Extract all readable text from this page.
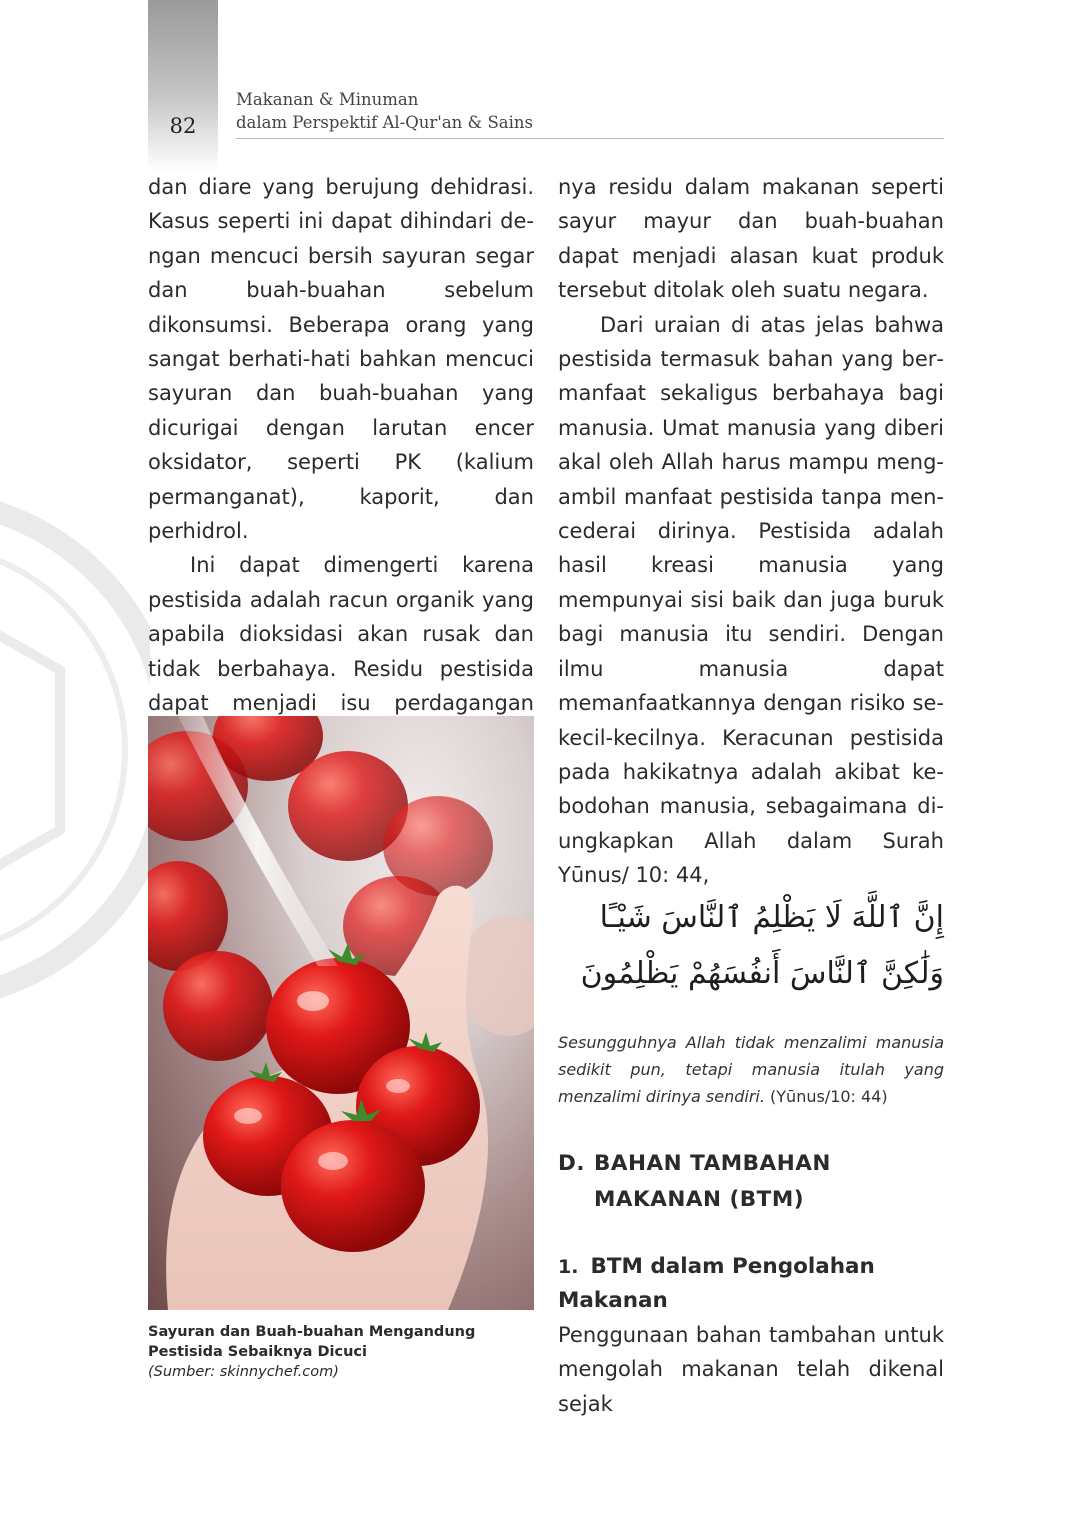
82
Makanan & Minuman
dalam Perspektif Al-Qur'an & Sains

dan diare yang berujung dehidrasi. Kasus seperti ini dapat dihindari dengan mencuci bersih sayuran segar dan buah-buahan sebelum dikonsumsi. Beberapa orang yang sangat berhati-hati bahkan mencuci sayuran dan buah-buahan yang dicurigai dengan larutan encer oksidator, seperti PK (kalium permanganat), kaporit, dan perhidrol.

Ini dapat dimengerti karena pestisida adalah racun organik yang apabila dioksidasi akan rusak dan tidak berbahaya. Residu pestisida dapat menjadi isu perdagangan

Sayuran dan Buah-buahan Mengandung Pestisida Sebaiknya Dicuci
(Sumber: skinnychef.com)

nya residu dalam makanan seperti sayur mayur dan buah-buahan dapat menjadi alasan kuat produk tersebut ditolak oleh suatu negara.

Dari uraian di atas jelas bahwa pestisida termasuk bahan yang bermanfaat sekaligus berbahaya bagi manusia. Umat manusia yang diberi akal oleh Allah harus mampu mengambil manfaat pestisida tanpa mencederai dirinya. Pestisida adalah hasil kreasi manusia yang mempunyai sisi baik dan juga buruk bagi manusia itu sendiri. Dengan ilmu manusia dapat memanfaatkannya dengan risiko sekecil-kecilnya. Keracunan pestisida pada hakikatnya adalah akibat kebodohan manusia, sebagaimana diungkapkan Allah dalam Surah Yūnus/ 10: 44,

إِنَّ ٱللَّهَ لَا يَظْلِمُ ٱلنَّاسَ شَيْـًا وَلَٰكِنَّ ٱلنَّاسَ أَنفُسَهُمْ يَظْلِمُونَ
Sesungguhnya Allah tidak menzalimi manusia sedikit pun, tetapi manusia itulah yang menzalimi dirinya sendiri. (Yūnus/10: 44)
D. BAHAN TAMBAHAN MAKANAN (BTM)
1. BTM dalam Pengolahan Makanan

Penggunaan bahan tambahan untuk mengolah makanan telah dikenal sejak
